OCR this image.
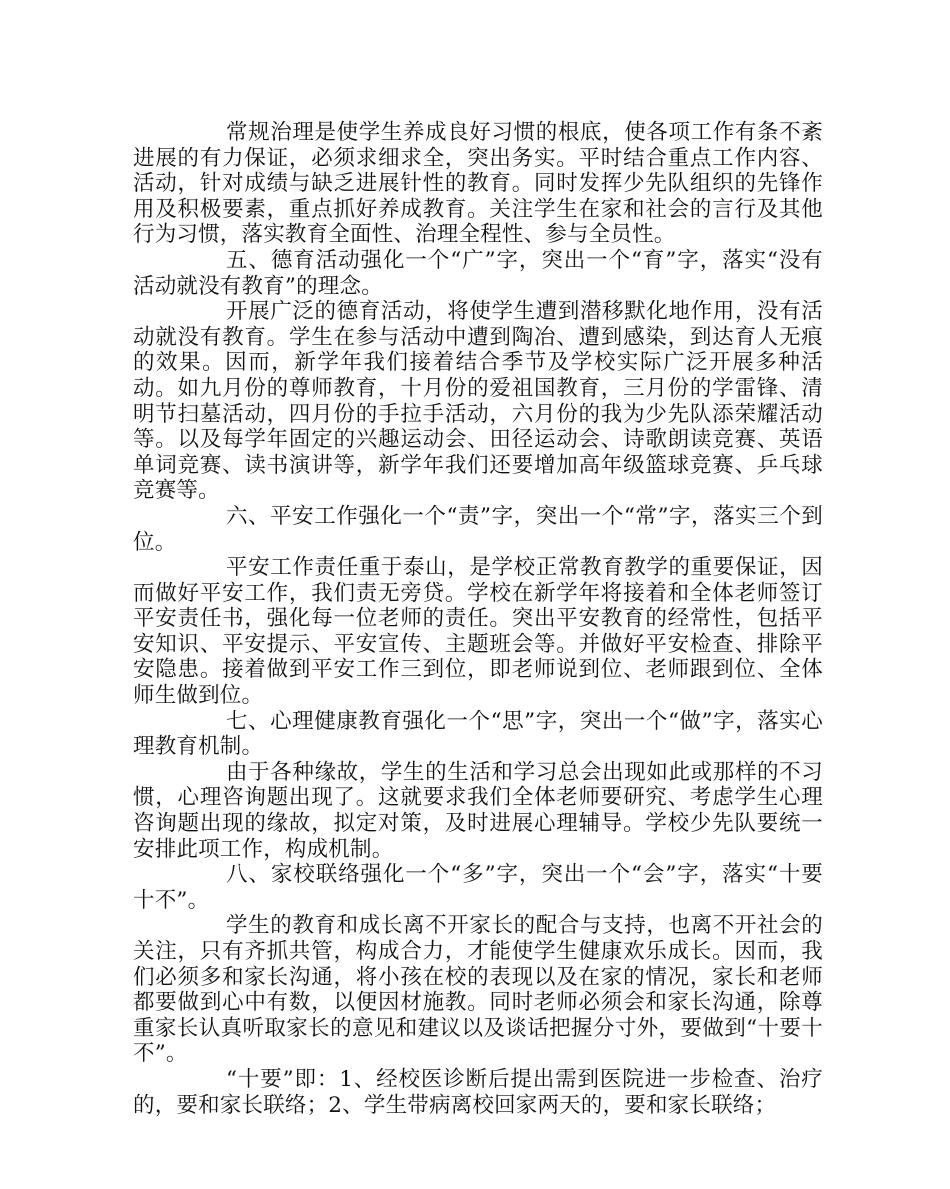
常规治理是使学生养成良好习惯的根底，使各项工作有条不紊进展的有力保证，必须求细求全，突出务实。平时结合重点工作内容、活动，针对成绩与缺乏进展针性的教育。同时发挥少先队组织的先锋作用及积极要素，重点抓好养成教育。关注学生在家和社会的言行及其他行为习惯，落实教育全面性、治理全程性、参与全员性。

五、德育活动强化一个“广”字，突出一个“育”字，落实“没有活动就没有教育”的理念。

开展广泛的德育活动，将使学生遭到潜移默化地作用，没有活动就没有教育。学生在参与活动中遭到陶冶、遭到感染，到达育人无痕的效果。因而，新学年我们接着结合季节及学校实际广泛开展多种活动。如九月份的尊师教育，十月份的爱祖国教育，三月份的学雷锋、清明节扫墓活动，四月份的手拉手活动，六月份的我为少先队添荣耀活动等。以及每学年固定的兴趣运动会、田径运动会、诗歌朗读竞赛、英语单词竞赛、读书演讲等，新学年我们还要增加高年级篮球竞赛、乒乓球竞赛等。

六、平安工作强化一个“责”字，突出一个“常”字，落实三个到位。

平安工作责任重于泰山，是学校正常教育教学的重要保证，因而做好平安工作，我们责无旁贷。学校在新学年将接着和全体老师签订平安责任书，强化每一位老师的责任。突出平安教育的经常性，包括平安知识、平安提示、平安宣传、主题班会等。并做好平安检查、排除平安隐患。接着做到平安工作三到位，即老师说到位、老师跟到位、全体师生做到位。

七、心理健康教育强化一个“思”字，突出一个“做”字，落实心理教育机制。

由于各种缘故，学生的生活和学习总会出现如此或那样的不习惯，心理咨询题出现了。这就要求我们全体老师要研究、考虑学生心理咨询题出现的缘故，拟定对策，及时进展心理辅导。学校少先队要统一安排此项工作，构成机制。

八、家校联络强化一个“多”字，突出一个“会”字，落实“十要十不”。

学生的教育和成长离不开家长的配合与支持，也离不开社会的关注，只有齐抓共管，构成合力，才能使学生健康欢乐成长。因而，我们必须多和家长沟通，将小孩在校的表现以及在家的情况，家长和老师都要做到心中有数，以便因材施教。同时老师必须会和家长沟通，除尊重家长认真听取家长的意见和建议以及谈话把握分寸外，要做到“十要十不”。

“十要”即：1、经校医诊断后提出需到医院进一步检查、治疗的，要和家长联络；2、学生带病离校回家两天的，要和家长联络；
